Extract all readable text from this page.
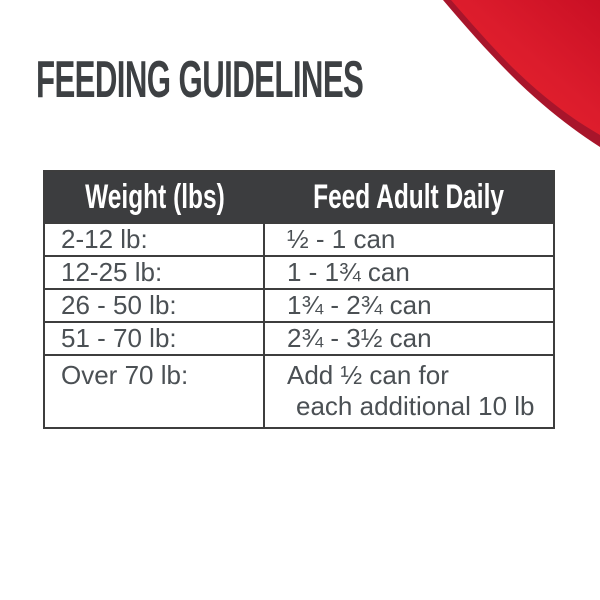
FEEDING GUIDELINES
Weight (lbs)	Feed Adult Daily
2-12 lb:	½ - 1 can
12-25 lb:	1 - 1¾ can
26 - 50 lb:	1¾ - 2¾ can
51 - 70 lb:	2¾ - 3½ can
Over 70 lb:	Add ½ can for
each additional 10 lb
